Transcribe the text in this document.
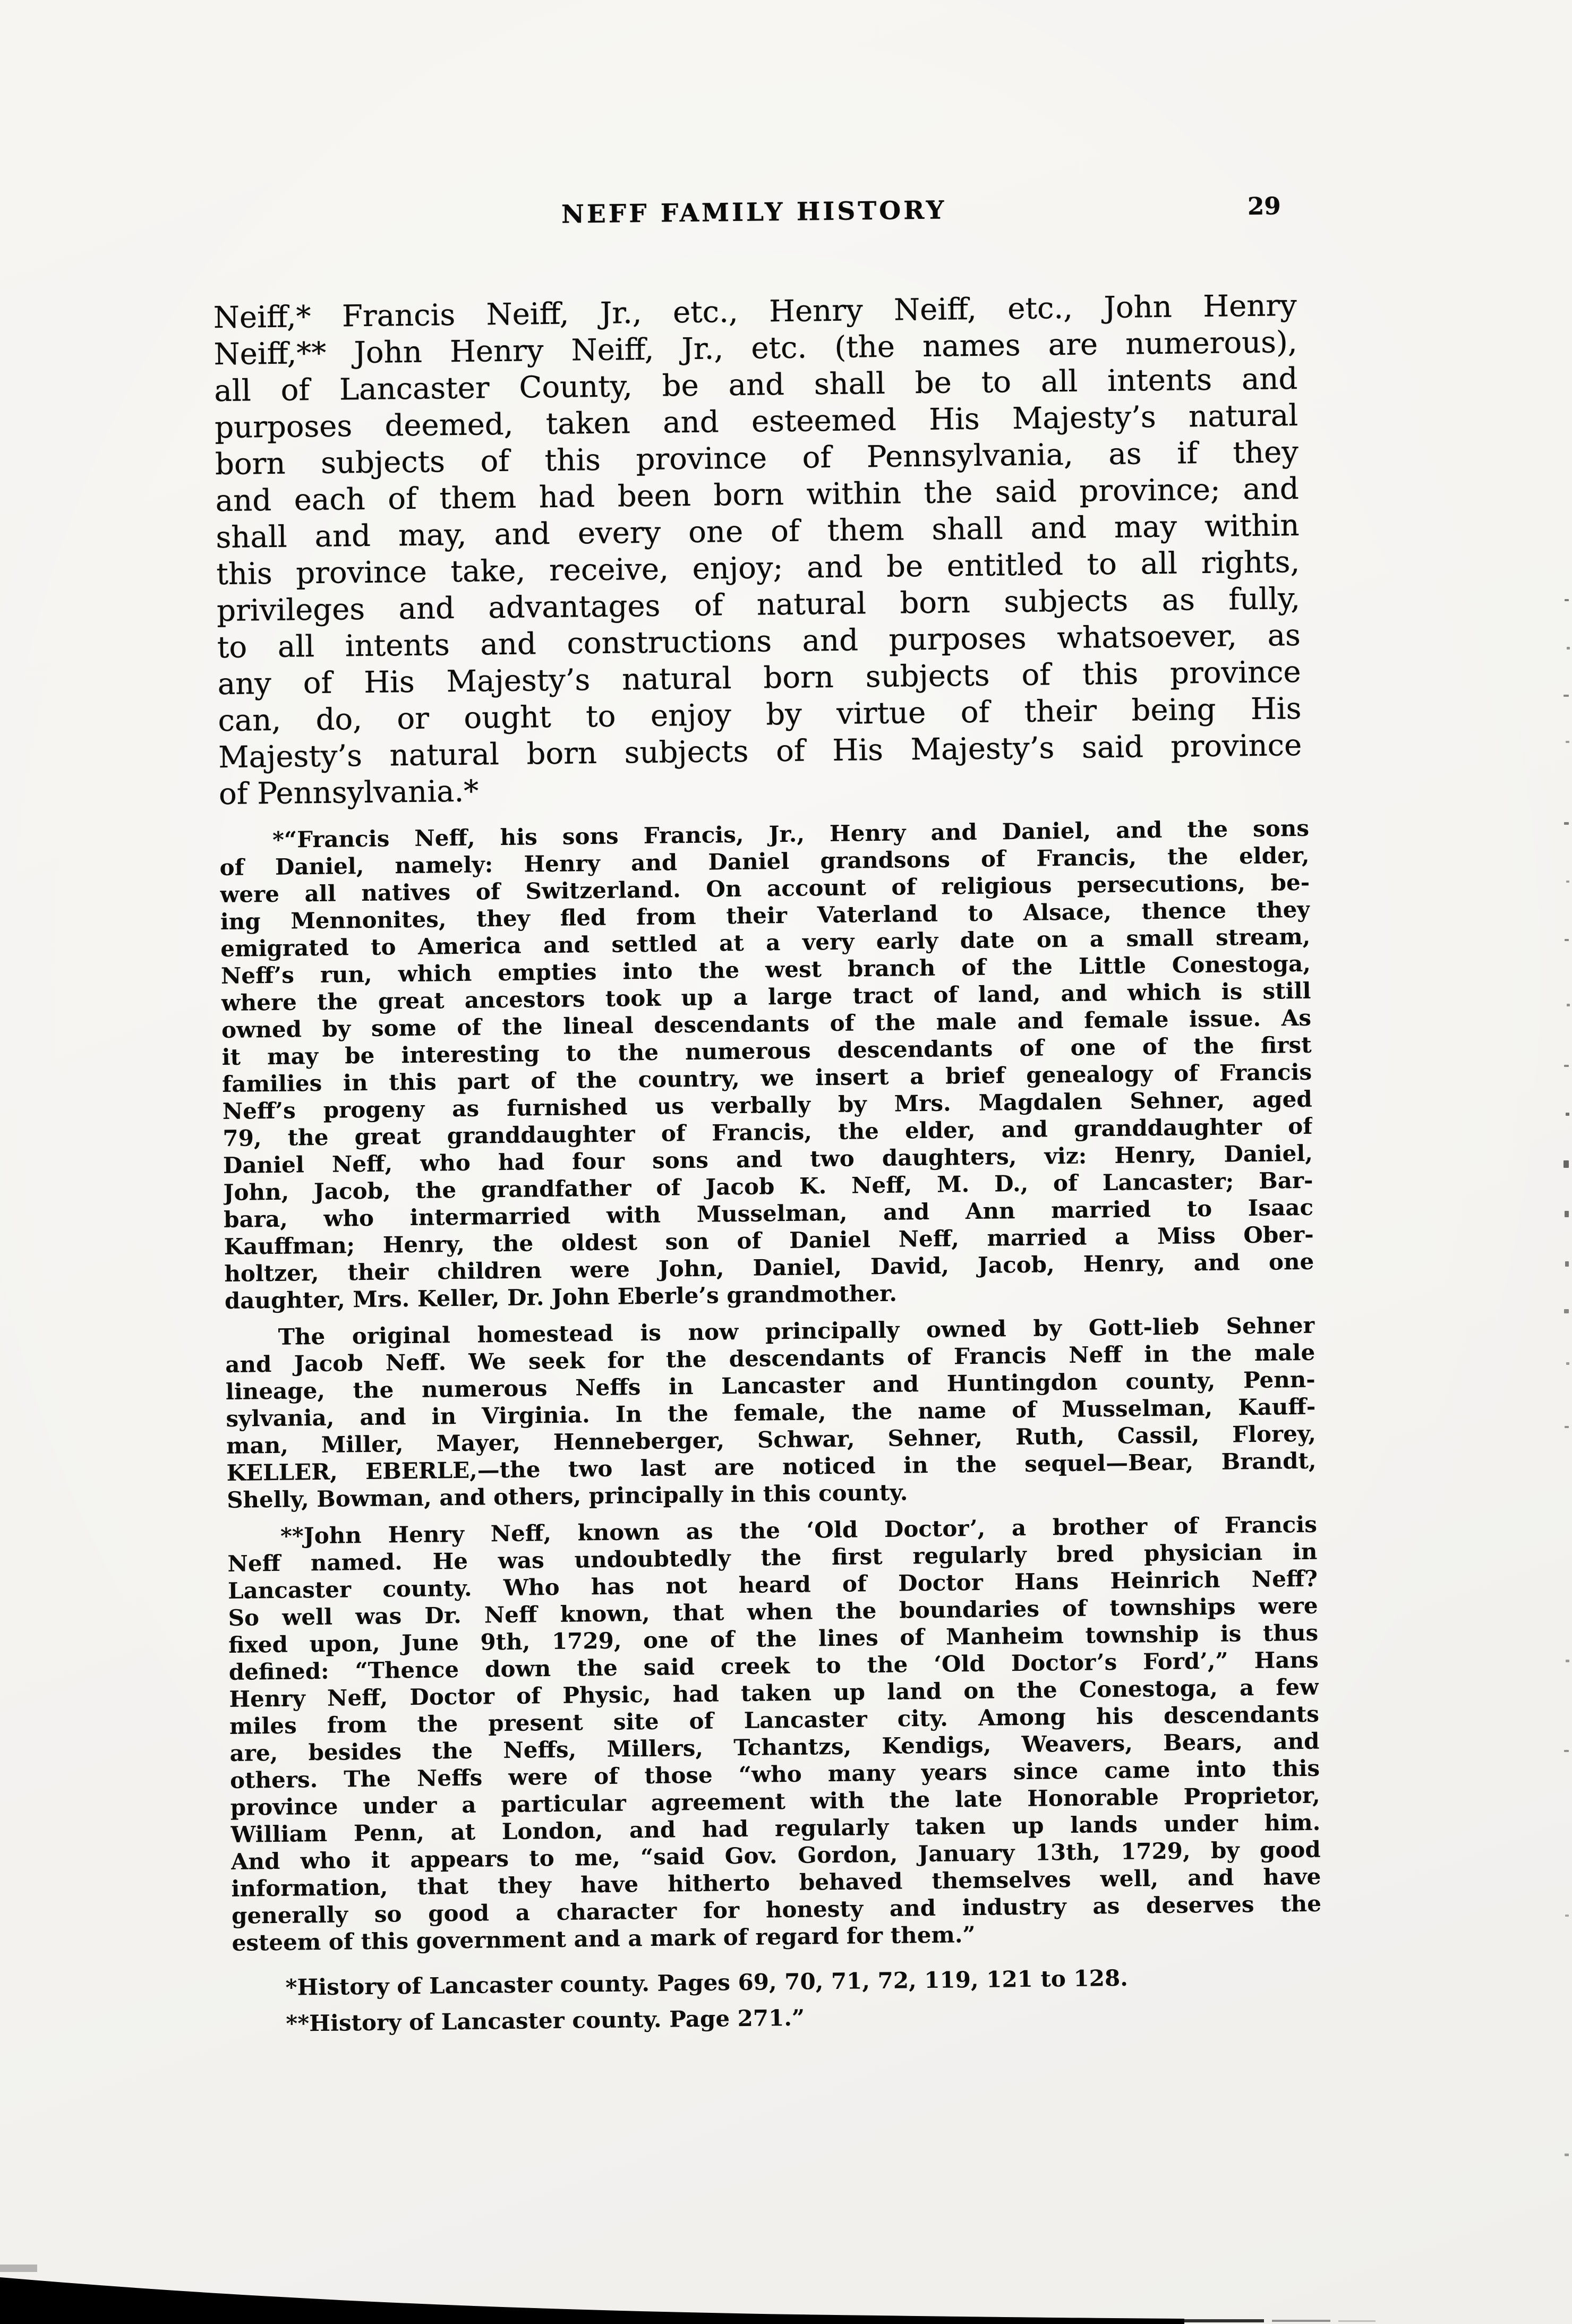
NEFF FAMILY HISTORY	29
Neiff,* Francis Neiff, Jr., etc., Henry Neiff, etc., John Henry
Neiff,** John Henry Neiff, Jr., etc. (the names are numerous),
all of Lancaster County, be and shall be to all intents and
purposes deemed, taken and esteemed His Majesty’s natural
born subjects of this province of Pennsylvania, as if they
and each of them had been born within the said province; and
shall and may, and every one of them shall and may within
this province take, receive, enjoy; and be entitled to all rights,
privileges and advantages of natural born subjects as fully,
to all intents and constructions and purposes whatsoever, as
any of His Majesty’s natural born subjects of this province
can, do, or ought to enjoy by virtue of their being His
Majesty’s natural born subjects of His Majesty’s said province
of Pennsylvania.*
*“Francis Neff, his sons Francis, Jr., Henry and Daniel, and the sons
of Daniel, namely: Henry and Daniel grandsons of Francis, the elder,
were all natives of Switzerland. On account of religious persecutions, be-
ing Mennonites, they fled from their Vaterland to Alsace, thence they
emigrated to America and settled at a very early date on a small stream,
Neff’s run, which empties into the west branch of the Little Conestoga,
where the great ancestors took up a large tract of land, and which is still
owned by some of the lineal descendants of the male and female issue. As
it may be interesting to the numerous descendants of one of the first
families in this part of the country, we insert a brief genealogy of Francis
Neff’s progeny as furnished us verbally by Mrs. Magdalen Sehner, aged
79, the great granddaughter of Francis, the elder, and granddaughter of
Daniel Neff, who had four sons and two daughters, viz: Henry, Daniel,
John, Jacob, the grandfather of Jacob K. Neff, M. D., of Lancaster; Bar-
bara, who intermarried with Musselman, and Ann married to Isaac
Kauffman; Henry, the oldest son of Daniel Neff, married a Miss Ober-
holtzer, their children were John, Daniel, David, Jacob, Henry, and one
daughter, Mrs. Keller, Dr. John Eberle’s grandmother.
The original homestead is now principally owned by Gott-lieb Sehner
and Jacob Neff. We seek for the descendants of Francis Neff in the male
lineage, the numerous Neffs in Lancaster and Huntingdon county, Penn-
sylvania, and in Virginia. In the female, the name of Musselman, Kauff-
man, Miller, Mayer, Henneberger, Schwar, Sehner, Ruth, Cassil, Florey,
KELLER, EBERLE,—the two last are noticed in the sequel—Bear, Brandt,
Shelly, Bowman, and others, principally in this county.
**John Henry Neff, known as the ‘Old Doctor’, a brother of Francis
Neff named. He was undoubtedly the first regularly bred physician in
Lancaster county. Who has not heard of Doctor Hans Heinrich Neff?
So well was Dr. Neff known, that when the boundaries of townships were
fixed upon, June 9th, 1729, one of the lines of Manheim township is thus
defined: “Thence down the said creek to the ‘Old Doctor’s Ford’,” Hans
Henry Neff, Doctor of Physic, had taken up land on the Conestoga, a few
miles from the present site of Lancaster city. Among his descendants
are, besides the Neffs, Millers, Tchantzs, Kendigs, Weavers, Bears, and
others. The Neffs were of those “who many years since came into this
province under a particular agreement with the late Honorable Proprietor,
William Penn, at London, and had regularly taken up lands under him.
And who it appears to me, “said Gov. Gordon, January 13th, 1729, by good
information, that they have hitherto behaved themselves well, and have
generally so good a character for honesty and industry as deserves the
esteem of this government and a mark of regard for them.”
*History of Lancaster county. Pages 69, 70, 71, 72, 119, 121 to 128.
**History of Lancaster county. Page 271.”
